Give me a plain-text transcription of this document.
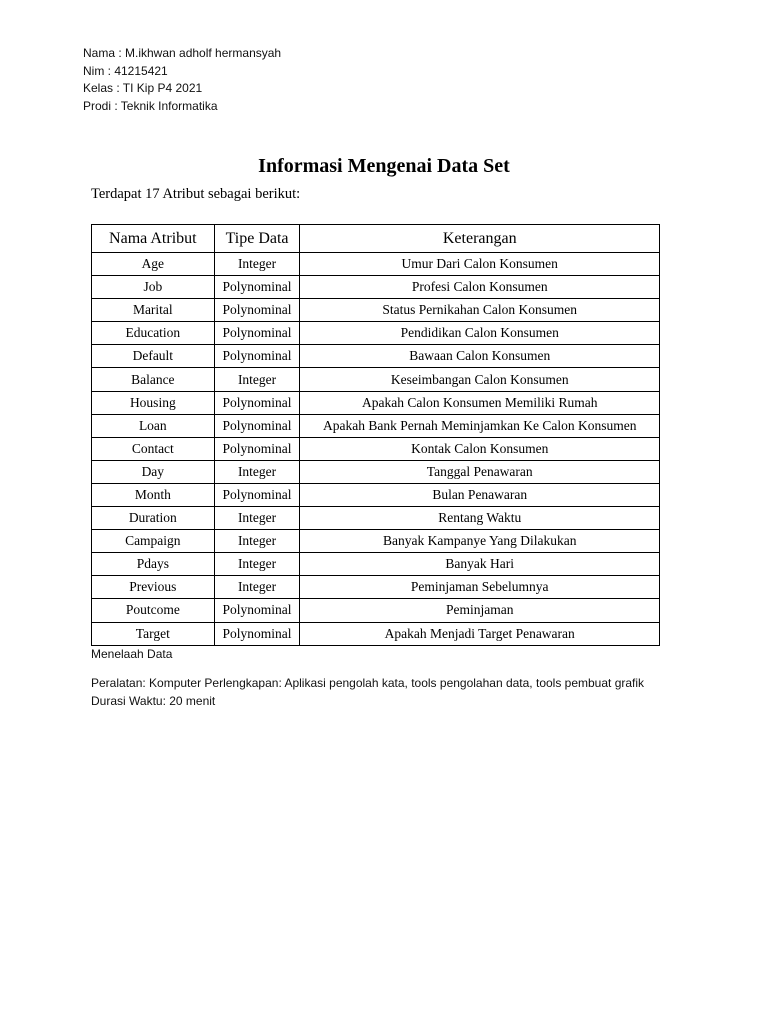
Nama : M.ikhwan adholf hermansyah
Nim : 41215421
Kelas : TI Kip P4 2021
Prodi : Teknik Informatika
Informasi Mengenai Data Set

Terdapat 17 Atribut sebagai berikut:

Nama Atribut	Tipe Data	Keterangan
Age	Integer	Umur Dari Calon Konsumen
Job	Polynominal	Profesi Calon Konsumen
Marital	Polynominal	Status Pernikahan Calon Konsumen
Education	Polynominal	Pendidikan Calon Konsumen
Default	Polynominal	Bawaan Calon Konsumen
Balance	Integer	Keseimbangan Calon Konsumen
Housing	Polynominal	Apakah Calon Konsumen Memiliki Rumah
Loan	Polynominal	Apakah Bank Pernah Meminjamkan Ke Calon Konsumen
Contact	Polynominal	Kontak Calon Konsumen
Day	Integer	Tanggal Penawaran
Month	Polynominal	Bulan Penawaran
Duration	Integer	Rentang Waktu
Campaign	Integer	Banyak Kampanye Yang Dilakukan
Pdays	Integer	Banyak Hari
Previous	Integer	Peminjaman Sebelumnya
Poutcome	Polynominal	Peminjaman
Target	Polynominal	Apakah Menjadi Target Penawaran
Menelaah Data
Peralatan: Komputer Perlengkapan: Aplikasi pengolah kata, tools pengolahan data, tools pembuat grafik
Durasi Waktu: 20 menit
